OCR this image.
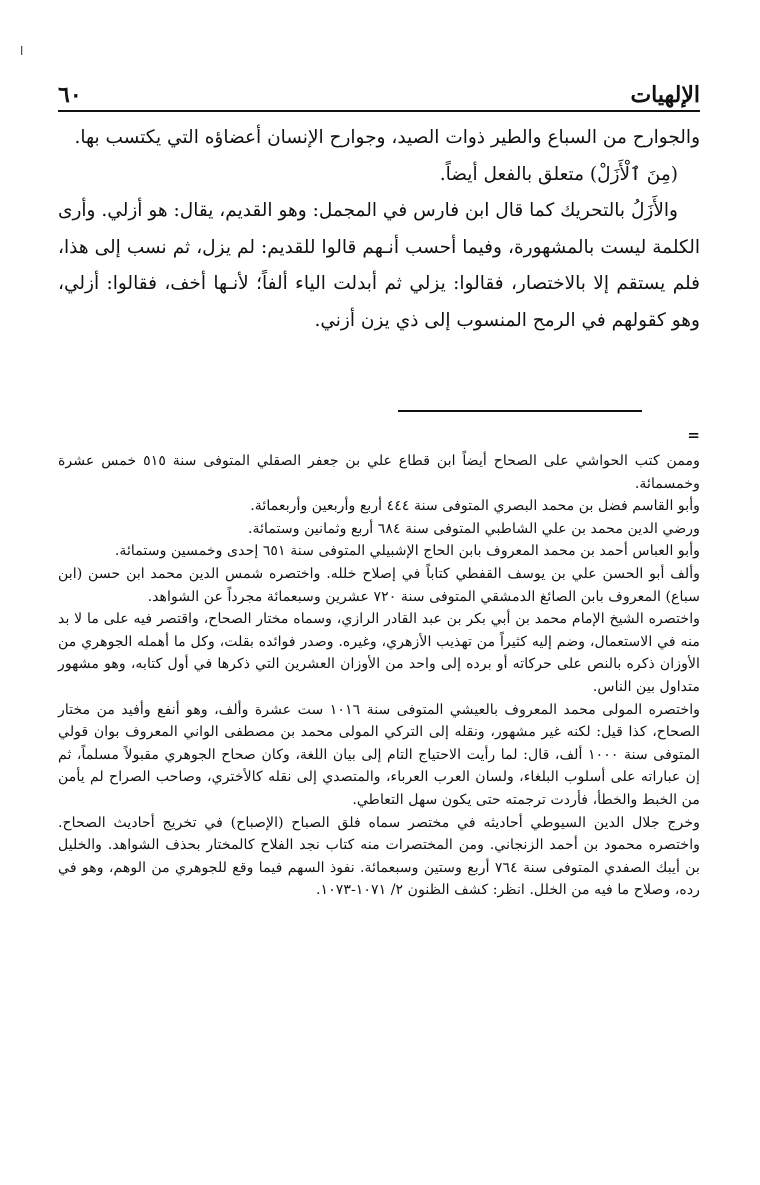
ا
الإلهيات
٦٠

والجوارح من السباع والطير ذوات الصيد، وجوارح الإنسان أعضاؤه التي يكتسب بها.

(مِنَ ٱلْأَزَلْ) متعلق بالفعل أيضاً.

والأَزَلُ بالتحريك كما قال ابن فارس في المجمل: وهو القديم، يقال: هو أزلي. وأرى الكلمة ليست بالمشهورة، وفيما أحسب أنـهم قالوا للقديم: لم يزل، ثم نسب إلى هذا، فلم يستقم إلا بالاختصار، فقالوا: يزلي ثم أبدلت الياء ألفاً؛ لأنـها أخف، فقالوا: أزلي، وهو كقولهم في الرمح المنسوب إلى ذي يزن أزني.

=

وممن كتب الحواشي على الصحاح أيضاً ابن قطاع علي بن جعفر الصقلي المتوفى سنة ٥١٥ خمس عشرة وخمسمائة.

وأبو القاسم فضل بن محمد البصري المتوفى سنة ٤٤٤ أربع وأربعين وأربعمائة.

ورضي الدين محمد بن علي الشاطبي المتوفى سنة ٦٨٤ أربع وثمانين وستمائة.

وأبو العباس أحمد بن محمد المعروف بابن الحاج الإشبيلي المتوفى سنة ٦٥١ إحدى وخمسين وستمائة.

وألف أبو الحسن علي بن يوسف القفطي كتاباً في إصلاح خلله. واختصره شمس الدين محمد ابن حسن (ابن سباع) المعروف بابن الصائغ الدمشقي المتوفى سنة ٧٢٠ عشرين وسبعمائة مجرداً عن الشواهد.

واختصره الشيخ الإمام محمد بن أبي بكر بن عبد القادر الرازي، وسماه مختار الصحاح، واقتصر فيه على ما لا بد منه في الاستعمال، وضم إليه كثيراً من تهذيب الأزهري، وغيره. وصدر فوائده بقلت، وكل ما أهمله الجوهري من الأوزان ذكره بالنص على حركاته أو برده إلى واحد من الأوزان العشرين التي ذكرها في أول كتابه، وهو مشهور متداول بين الناس.

واختصره المولى محمد المعروف بالعيشي المتوفى سنة ١٠١٦ ست عشرة وألف، وهو أنفع وأفيد من مختار الصحاح، كذا قيل: لكنه غير مشهور، ونقله إلى التركي المولى محمد بن مصطفى الواني المعروف بوان قولي المتوفى سنة ١٠٠٠ ألف، قال: لما رأيت الاحتياج التام إلى بيان اللغة، وكان صحاح الجوهري مقبولاً مسلماً، ثم إن عباراته على أسلوب البلغاء، ولسان العرب العرباء، والمتصدي إلى نقله كالأختري، وصاحب الصراح لم يأمن من الخبط والخطأ، فأردت ترجمته حتى يكون سهل التعاطي.

وخرج جلال الدين السيوطي أحاديثه في مختصر سماه فلق الصباح (الإصباح) في تخريج أحاديث الصحاح. واختصره محمود بن أحمد الزنجاني. ومن المختصرات منه كتاب نجد الفلاح كالمختار بحذف الشواهد. والخليل بن أيبك الصفدي المتوفى سنة ٧٦٤ أربع وستين وسبعمائة. نفوذ السهم فيما وقع للجوهري من الوهم، وهو في رده، وصلاح ما فيه من الخلل. انظر: كشف الظنون ٢/ ١٠٧١-١٠٧٣.
